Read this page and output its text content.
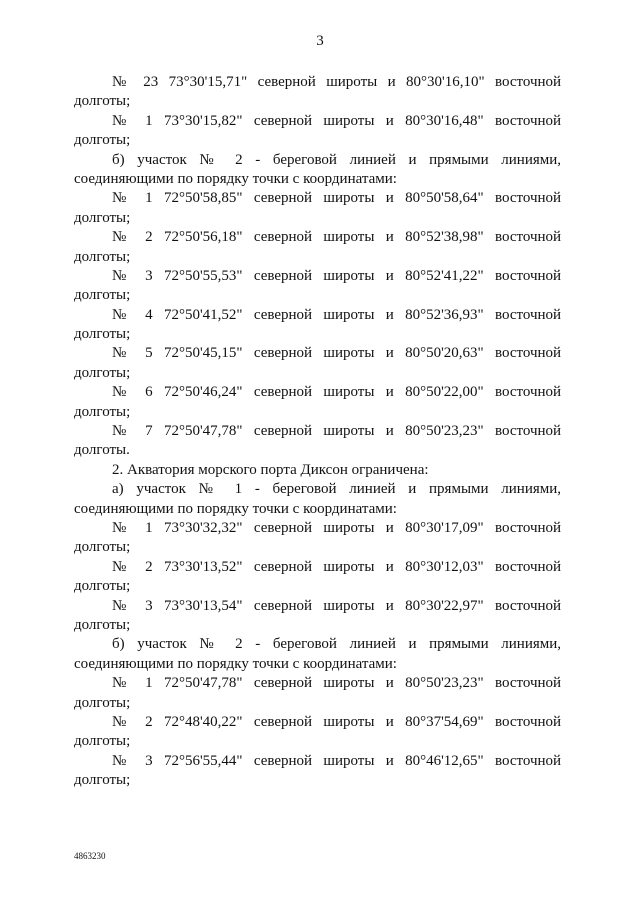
3
№ 23 73°30'15,71" северной широты и 80°30'16,10" восточной
долготы;
№ 1 73°30'15,82" северной широты и 80°30'16,48" восточной
долготы;
б) участок № 2 - береговой линией и прямыми линиями,
соединяющими по порядку точки с координатами:
№ 1 72°50'58,85" северной широты и 80°50'58,64" восточной
долготы;
№ 2 72°50'56,18" северной широты и 80°52'38,98" восточной
долготы;
№ 3 72°50'55,53" северной широты и 80°52'41,22" восточной
долготы;
№ 4 72°50'41,52" северной широты и 80°52'36,93" восточной
долготы;
№ 5 72°50'45,15" северной широты и 80°50'20,63" восточной
долготы;
№ 6 72°50'46,24" северной широты и 80°50'22,00" восточной
долготы;
№ 7 72°50'47,78" северной широты и 80°50'23,23" восточной
долготы.
2. Акватория морского порта Диксон ограничена:
а) участок № 1 - береговой линией и прямыми линиями,
соединяющими по порядку точки с координатами:
№ 1 73°30'32,32" северной широты и 80°30'17,09" восточной
долготы;
№ 2 73°30'13,52" северной широты и 80°30'12,03" восточной
долготы;
№ 3 73°30'13,54" северной широты и 80°30'22,97" восточной
долготы;
б) участок № 2 - береговой линией и прямыми линиями,
соединяющими по порядку точки с координатами:
№ 1 72°50'47,78" северной широты и 80°50'23,23" восточной
долготы;
№ 2 72°48'40,22" северной широты и 80°37'54,69" восточной
долготы;
№ 3 72°56'55,44" северной широты и 80°46'12,65" восточной
долготы;
4863230
